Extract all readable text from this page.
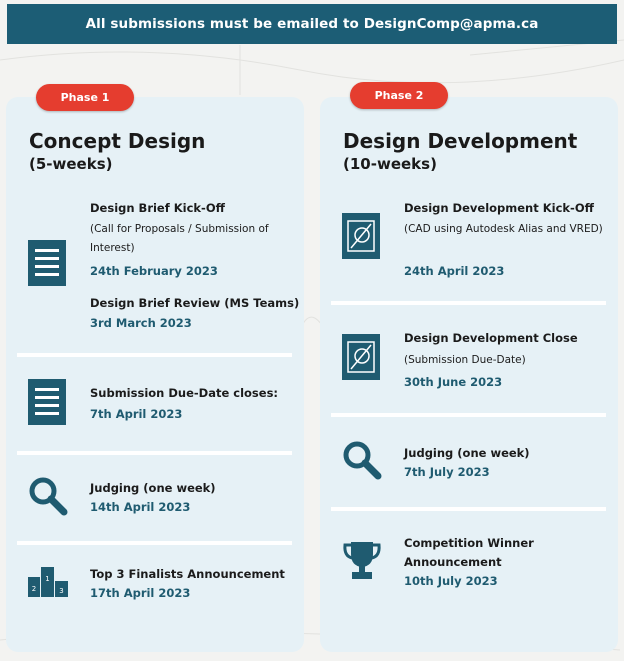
All submissions must be emailed to DesignComp@apma.ca
Phase 1
Concept Design
(5-weeks)
Design Brief Kick-Off
(Call for Proposals / Submission of Interest)
24th February 2023
Design Brief Review (MS Teams)
3rd March 2023
Submission Due-Date closes:
7th April 2023
Judging (one week)
14th April 2023
2
1
3
Top 3 Finalists Announcement
17th April 2023
Phase 2
Design Development
(10-weeks)
Design Development Kick-Off
(CAD using Autodesk Alias and VRED)
24th April 2023
Design Development Close
(Submission Due-Date)
30th June 2023
Judging (one week)
7th July 2023
Competition Winner Announcement
10th July 2023
